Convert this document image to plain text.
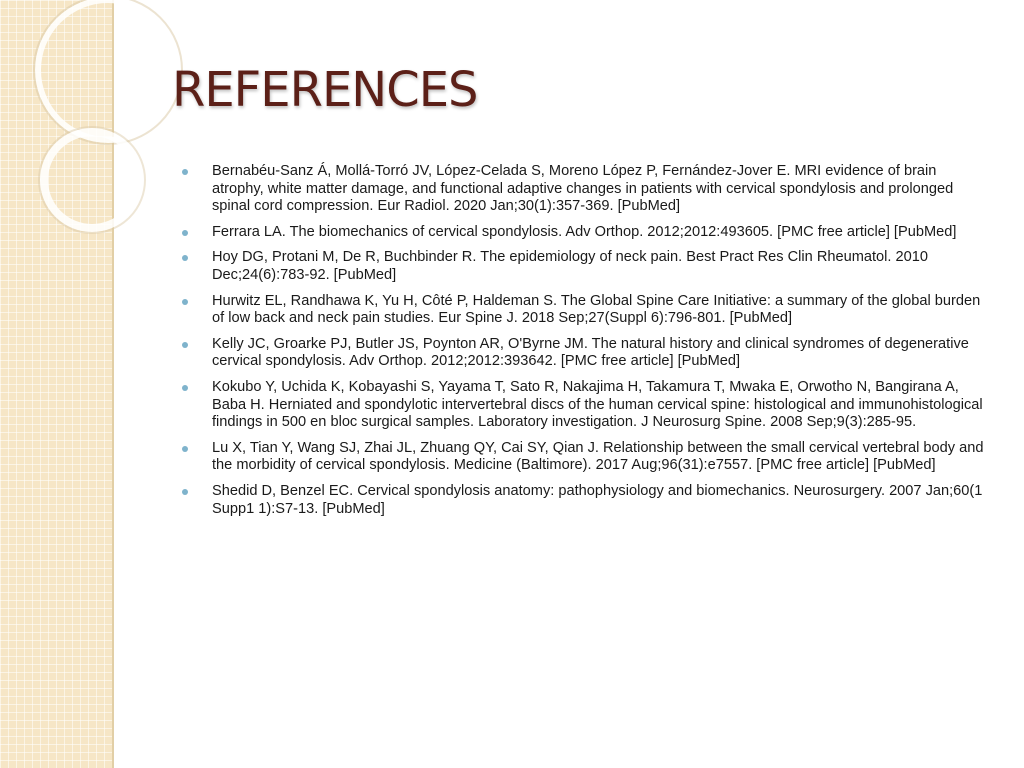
REFERENCES
Bernabéu-Sanz Á, Mollá-Torró JV, López-Celada S, Moreno López P, Fernández-Jover E. MRI evidence of brain atrophy, white matter damage, and functional adaptive changes in patients with cervical spondylosis and prolonged spinal cord compression. Eur Radiol. 2020 Jan;30(1):357-369. [PubMed]
Ferrara LA. The biomechanics of cervical spondylosis. Adv Orthop. 2012;2012:493605. [PMC free article] [PubMed]
Hoy DG, Protani M, De R, Buchbinder R. The epidemiology of neck pain. Best Pract Res Clin Rheumatol. 2010 Dec;24(6):783-92. [PubMed]
Hurwitz EL, Randhawa K, Yu H, Côté P, Haldeman S. The Global Spine Care Initiative: a summary of the global burden of low back and neck pain studies. Eur Spine J. 2018 Sep;27(Suppl 6):796-801. [PubMed]
Kelly JC, Groarke PJ, Butler JS, Poynton AR, O'Byrne JM. The natural history and clinical syndromes of degenerative cervical spondylosis. Adv Orthop. 2012;2012:393642. [PMC free article] [PubMed]
Kokubo Y, Uchida K, Kobayashi S, Yayama T, Sato R, Nakajima H, Takamura T, Mwaka E, Orwotho N, Bangirana A, Baba H. Herniated and spondylotic intervertebral discs of the human cervical spine: histological and immunohistological findings in 500 en bloc surgical samples. Laboratory investigation. J Neurosurg Spine. 2008 Sep;9(3):285-95.
Lu X, Tian Y, Wang SJ, Zhai JL, Zhuang QY, Cai SY, Qian J. Relationship between the small cervical vertebral body and the morbidity of cervical spondylosis. Medicine (Baltimore). 2017 Aug;96(31):e7557. [PMC free article] [PubMed]
Shedid D, Benzel EC. Cervical spondylosis anatomy: pathophysiology and biomechanics. Neurosurgery. 2007 Jan;60(1 Supp1 1):S7-13. [PubMed]
